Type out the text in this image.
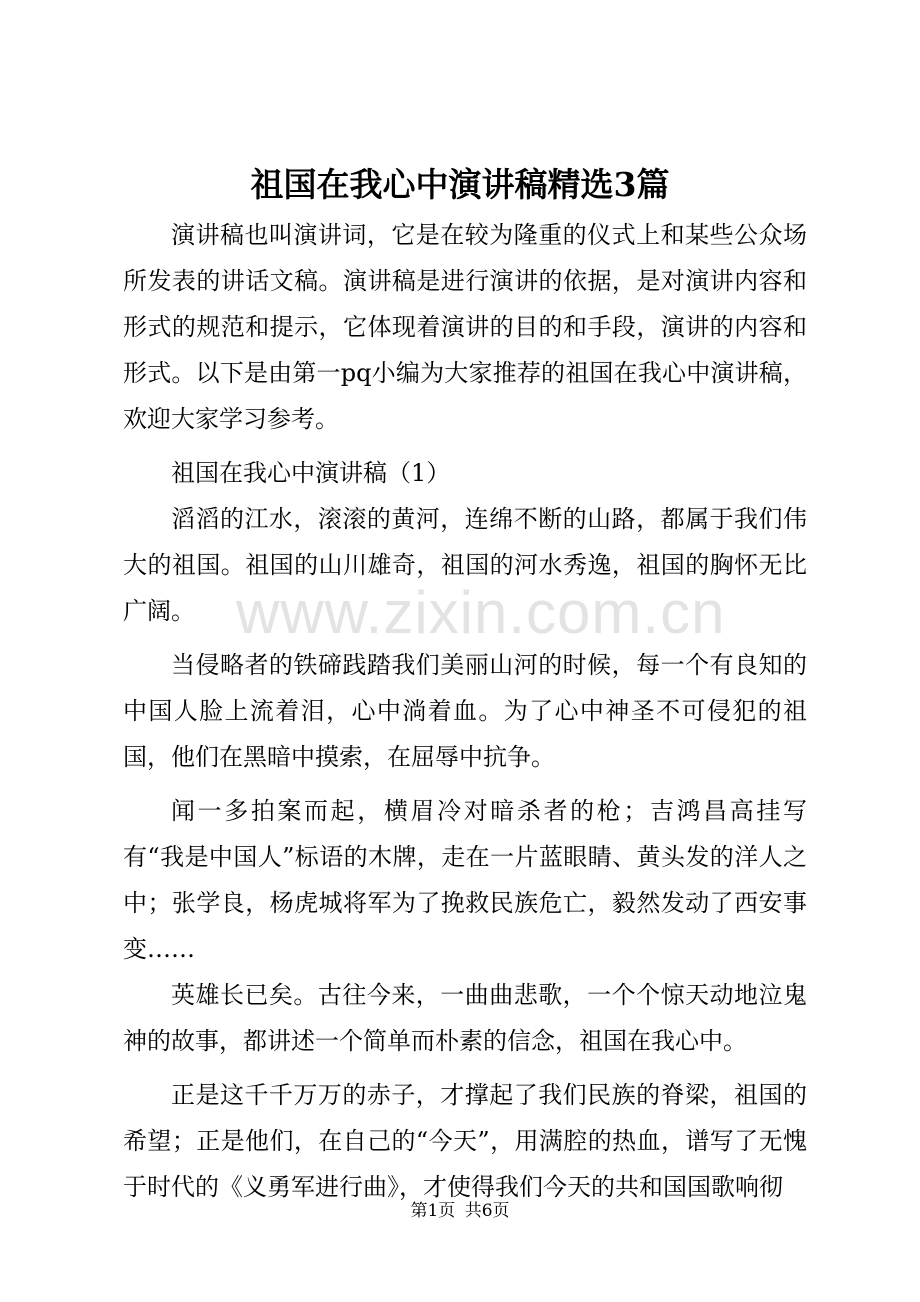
www.zixin.com.cn
祖国在我心中演讲稿精选3篇

演讲稿也叫演讲词，它是在较为隆重的仪式上和某些公众场所发表的讲话文稿。演讲稿是进行演讲的依据，是对演讲内容和形式的规范和提示，它体现着演讲的目的和手段，演讲的内容和形式。以下是由第一pq小编为大家推荐的祖国在我心中演讲稿，欢迎大家学习参考。

祖国在我心中演讲稿（1）

滔滔的江水，滚滚的黄河，连绵不断的山路，都属于我们伟大的祖国。祖国的山川雄奇，祖国的河水秀逸，祖国的胸怀无比广阔。

当侵略者的铁碲践踏我们美丽山河的时候，每一个有良知的中国人脸上流着泪，心中淌着血。为了心中神圣不可侵犯的祖国，他们在黑暗中摸索，在屈辱中抗争。

闻一多拍案而起，横眉冷对暗杀者的枪；吉鸿昌高挂写有“我是中国人”标语的木牌，走在一片蓝眼睛、黄头发的洋人之中；张学良，杨虎城将军为了挽救民族危亡，毅然发动了西安事变……

英雄长已矣。古往今来，一曲曲悲歌，一个个惊天动地泣鬼神的故事，都讲述一个简单而朴素的信念，祖国在我心中。

正是这千千万万的赤子，才撑起了我们民族的脊梁，祖国的希望；正是他们，在自己的“今天”，用满腔的热血，谱写了无愧于时代的《义勇军进行曲》，才使得我们今天的共和国国歌响彻

第1页 共6页
